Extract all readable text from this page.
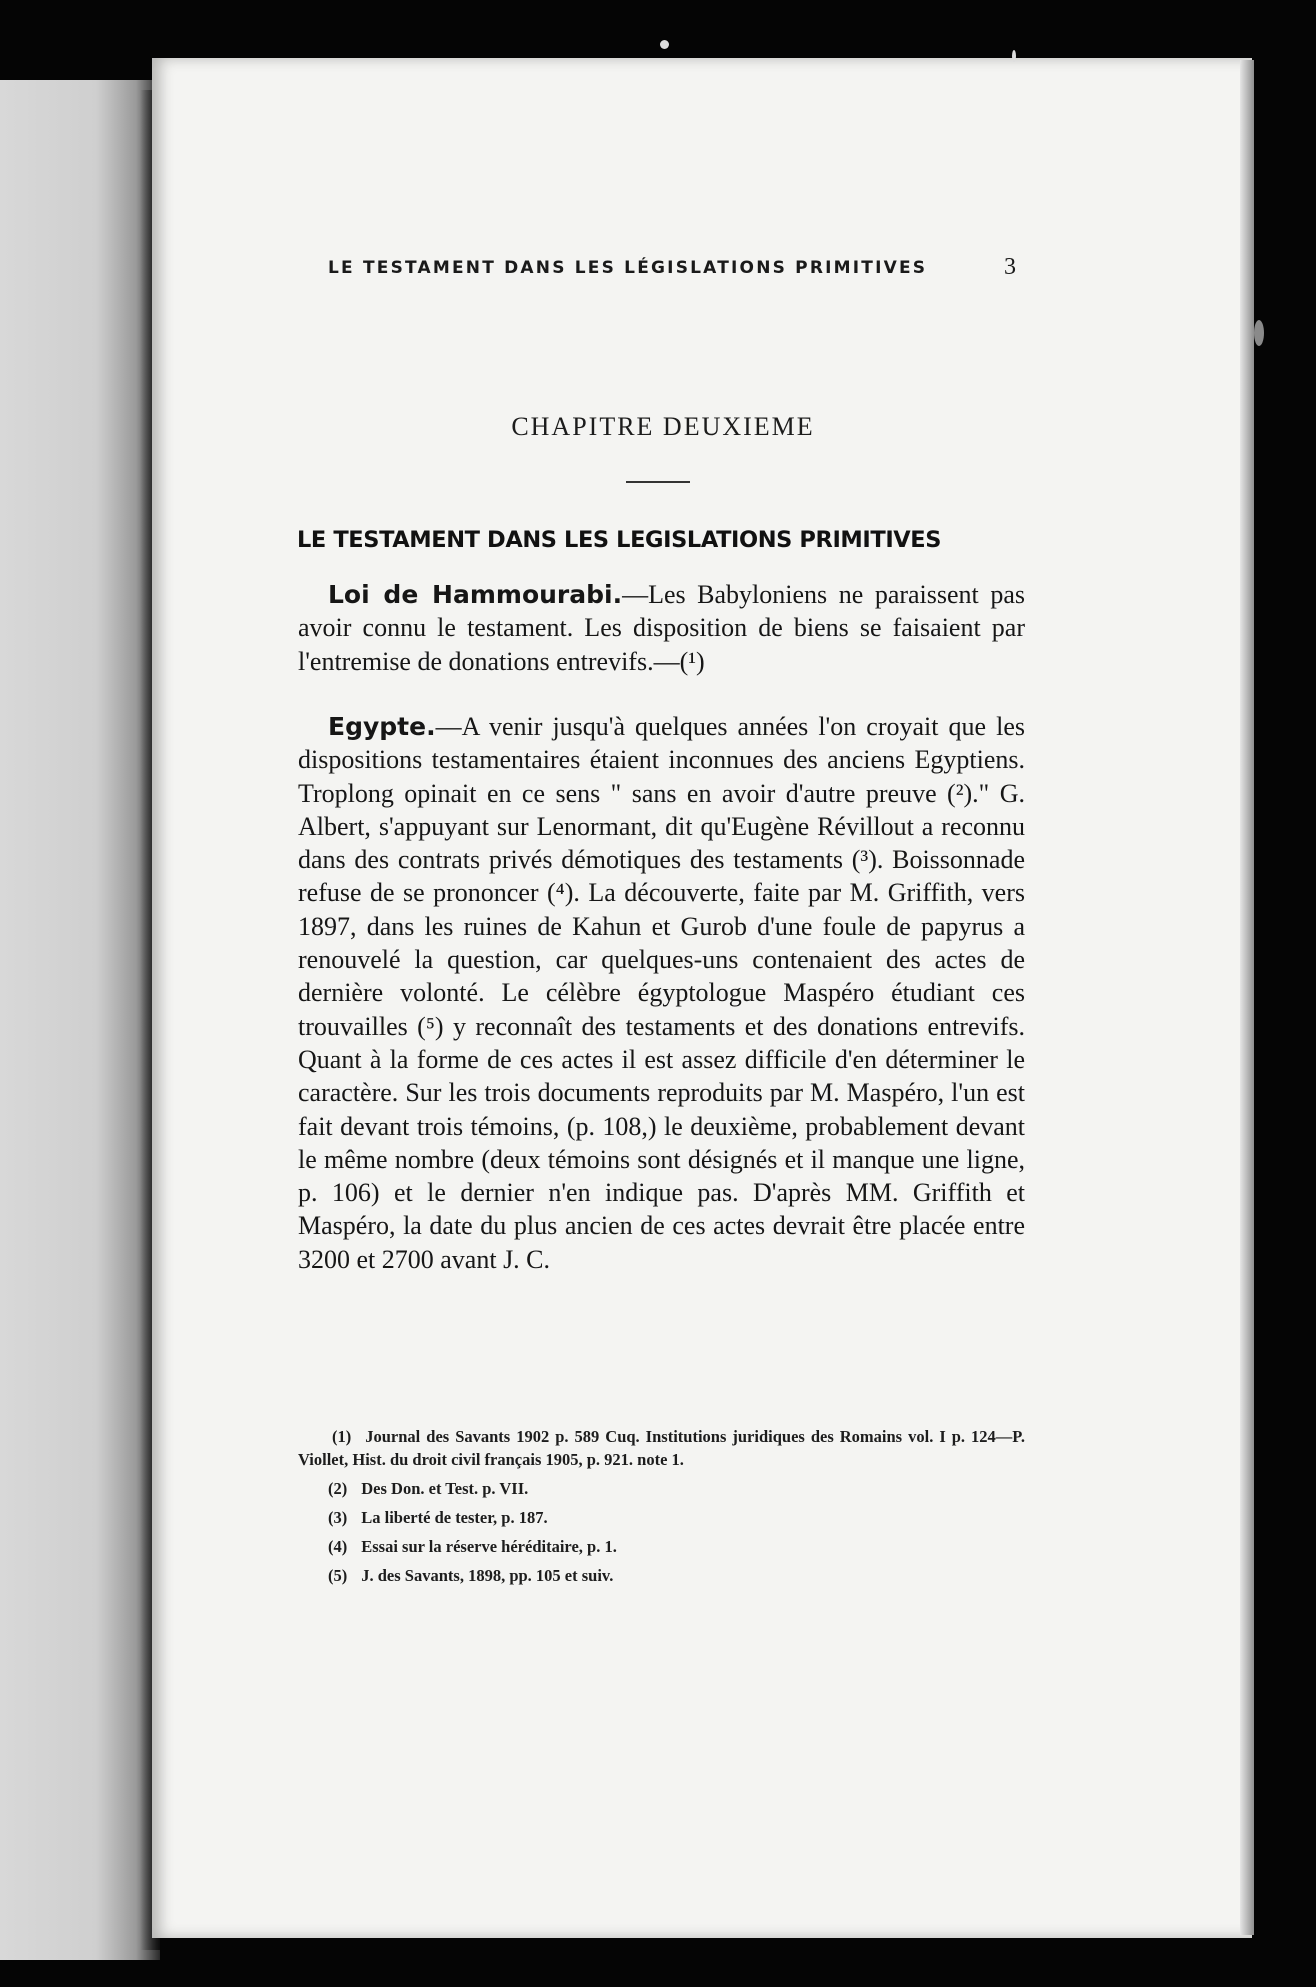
LE TESTAMENT DANS LES LÉGISLATIONS PRIMITIVES	3
CHAPITRE DEUXIEME
LE TESTAMENT DANS LES LEGISLATIONS PRIMITIVES
Loi de Hammourabi.—Les Babyloniens ne paraissent pas avoir connu le testament. Les disposition de biens se faisaient par l'entremise de donations entrevifs.—(¹)
Egypte.—A venir jusqu'à quelques années l'on croyait que les dispositions testamentaires étaient inconnues des anciens Egyptiens. Troplong opinait en ce sens " sans en avoir d'autre preuve (²)." G. Albert, s'appuyant sur Lenormant, dit qu'Eugène Révillout a reconnu dans des contrats privés démotiques des testaments (³). Boissonnade refuse de se prononcer (⁴). La découverte, faite par M. Griffith, vers 1897, dans les ruines de Kahun et Gurob d'une foule de papyrus a renouvelé la question, car quelques-uns contenaient des actes de dernière volonté. Le célèbre égyptologue Maspéro étudiant ces trouvailles (⁵) y reconnaît des testaments et des donations entrevifs. Quant à la forme de ces actes il est assez difficile d'en déterminer le caractère. Sur les trois documents reproduits par M. Maspéro, l'un est fait devant trois témoins, (p. 108,) le deuxième, probablement devant le même nombre (deux témoins sont désignés et il manque une ligne, p. 106) et le dernier n'en indique pas. D'après MM. Griffith et Maspéro, la date du plus ancien de ces actes devrait être placée entre 3200 et 2700 avant J. C.
(1) Journal des Savants 1902 p. 589 Cuq. Institutions juridiques des Romains vol. I p. 124—P. Viollet, Hist. du droit civil français 1905, p. 921. note 1.
(2) Des Don. et Test. p. VII.
(3) La liberté de tester, p. 187.
(4) Essai sur la réserve héréditaire, p. 1.
(5) J. des Savants, 1898, pp. 105 et suiv.
